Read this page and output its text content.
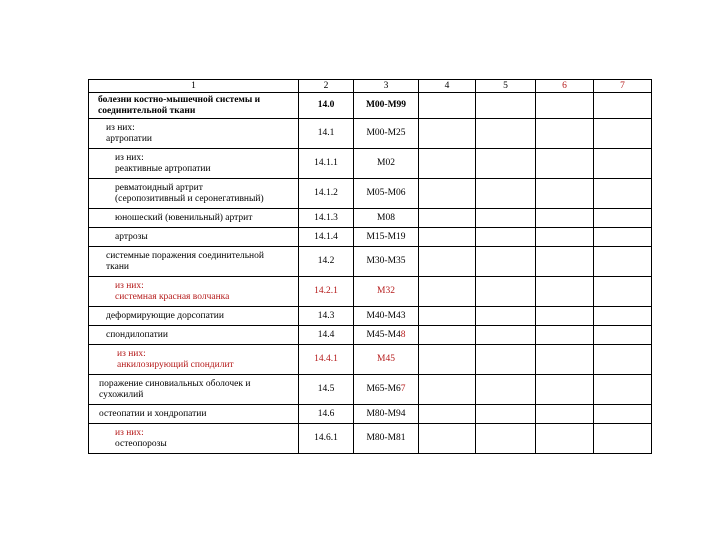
1	2	3	4	5	6	7

болезни костно-мышечной системы и
соединительной ткани	14.0	M00-M99				

из них:
артропатии	14.1	M00-M25				

из них:
реактивные артропатии	14.1.1	M02				

ревматоидный артрит
(серопозитивный и серонегативный)	14.1.2	M05-M06				

юношеский (ювенильный) артрит	14.1.3	M08				

артрозы	14.1.4	M15-M19				

системные поражения соединительной
ткани	14.2	M30-M35				

из них:
системная красная волчанка	14.2.1	M32				

деформирующие дорсопатии	14.3	M40-M43				

спондилопатии	14.4	M45-M48				

из них:
анкилозирующий спондилит	14.4.1	M45				

поражение синовиальных оболочек и
сухожилий	14.5	M65-M67				

остеопатии и хондропатии	14.6	M80-M94				

из них:
остеопорозы	14.6.1	M80-M81				
